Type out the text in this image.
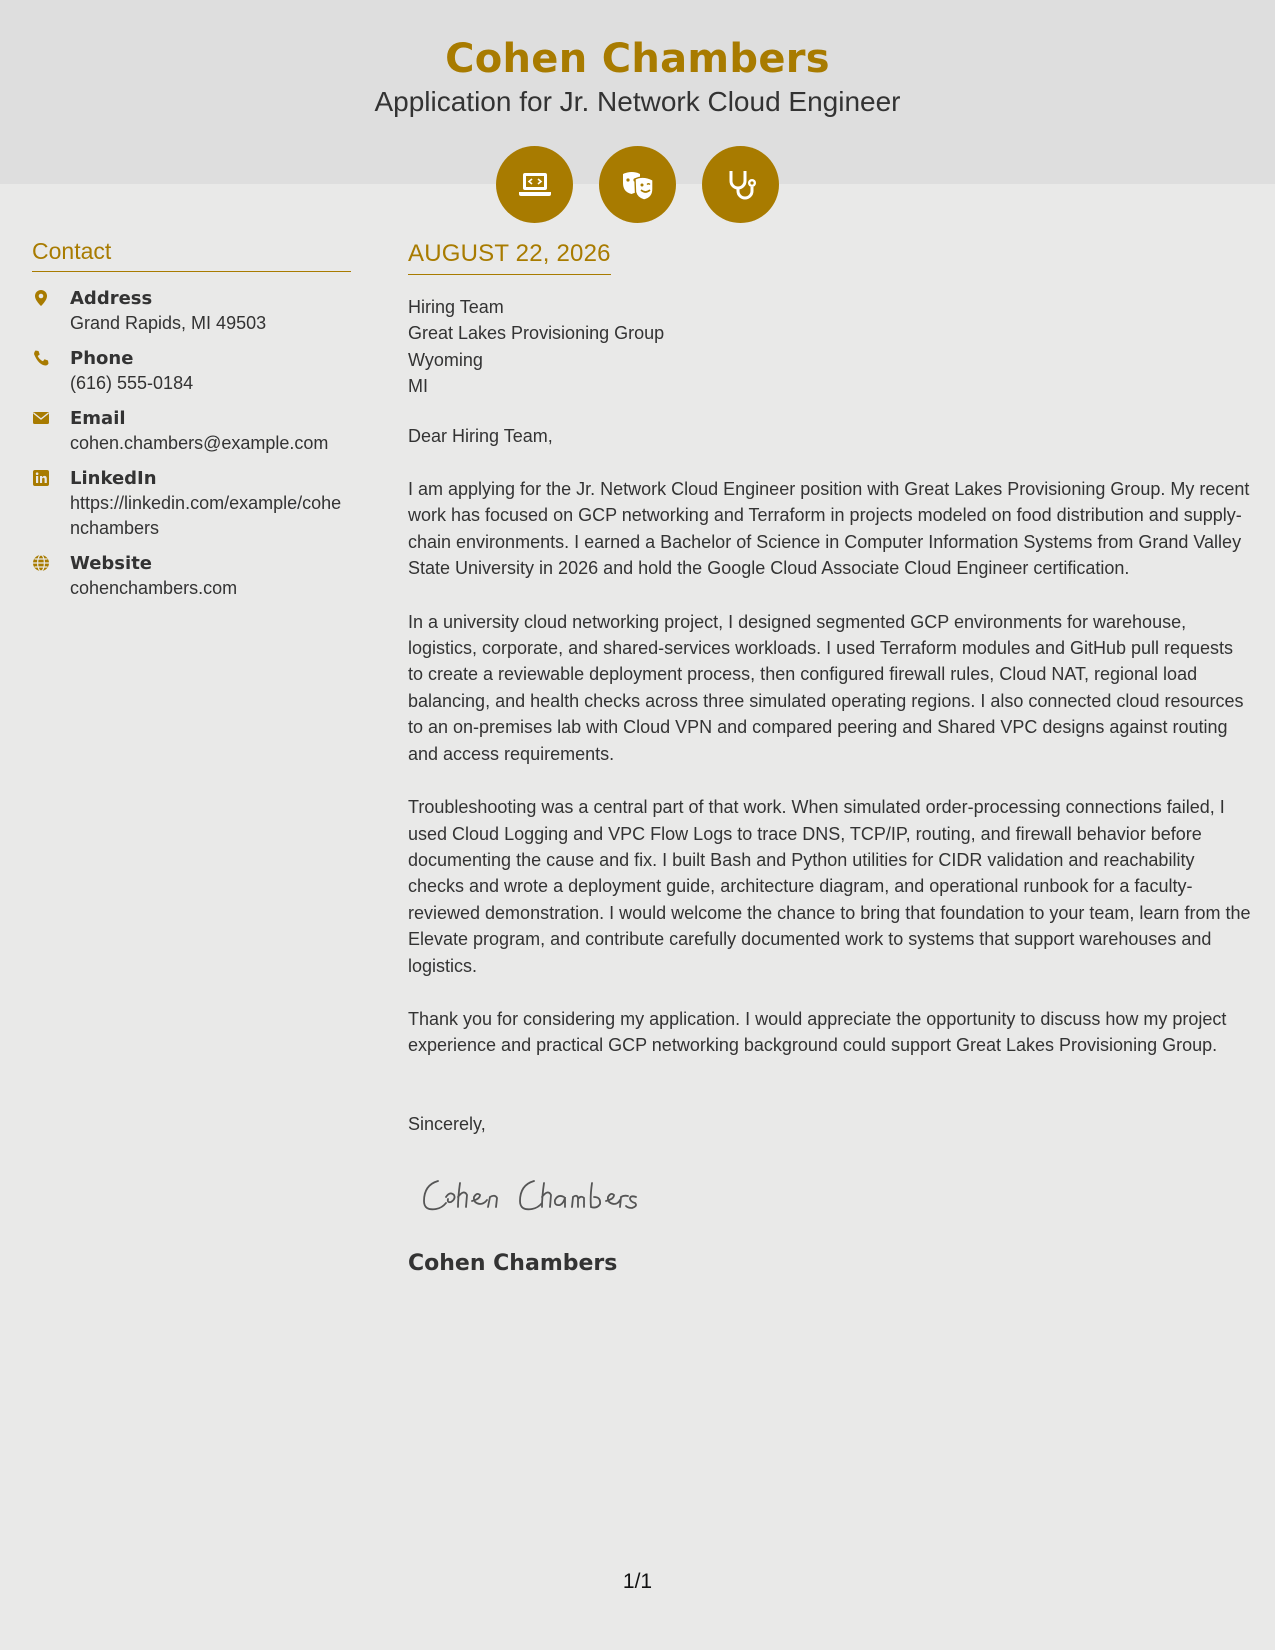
Cohen Chambers
Application for Jr. Network Cloud Engineer
Contact
Address
Grand Rapids, MI 49503
Phone
(616) 555-0184
Email
cohen.chambers@example.com
LinkedIn
https://linkedin.com/example/cohenchambers
Website
cohenchambers.com
AUGUST 22, 2026
Hiring Team
Great Lakes Provisioning Group
Wyoming
MI
Dear Hiring Team,
I am applying for the Jr. Network Cloud Engineer position with Great Lakes Provisioning Group. My recent work has focused on GCP networking and Terraform in projects modeled on food distribution and supply-chain environments. I earned a Bachelor of Science in Computer Information Systems from Grand Valley State University in 2026 and hold the Google Cloud Associate Cloud Engineer certification.
In a university cloud networking project, I designed segmented GCP environments for warehouse, logistics, corporate, and shared-services workloads. I used Terraform modules and GitHub pull requests to create a reviewable deployment process, then configured firewall rules, Cloud NAT, regional load balancing, and health checks across three simulated operating regions. I also connected cloud resources to an on-premises lab with Cloud VPN and compared peering and Shared VPC designs against routing and access requirements.
Troubleshooting was a central part of that work. When simulated order-processing connections failed, I used Cloud Logging and VPC Flow Logs to trace DNS, TCP/IP, routing, and firewall behavior before documenting the cause and fix. I built Bash and Python utilities for CIDR validation and reachability checks and wrote a deployment guide, architecture diagram, and operational runbook for a faculty-reviewed demonstration. I would welcome the chance to bring that foundation to your team, learn from the Elevate program, and contribute carefully documented work to systems that support warehouses and logistics.
Thank you for considering my application. I would appreciate the opportunity to discuss how my project experience and practical GCP networking background could support Great Lakes Provisioning Group.
Sincerely,
Cohen Chambers
1/1
